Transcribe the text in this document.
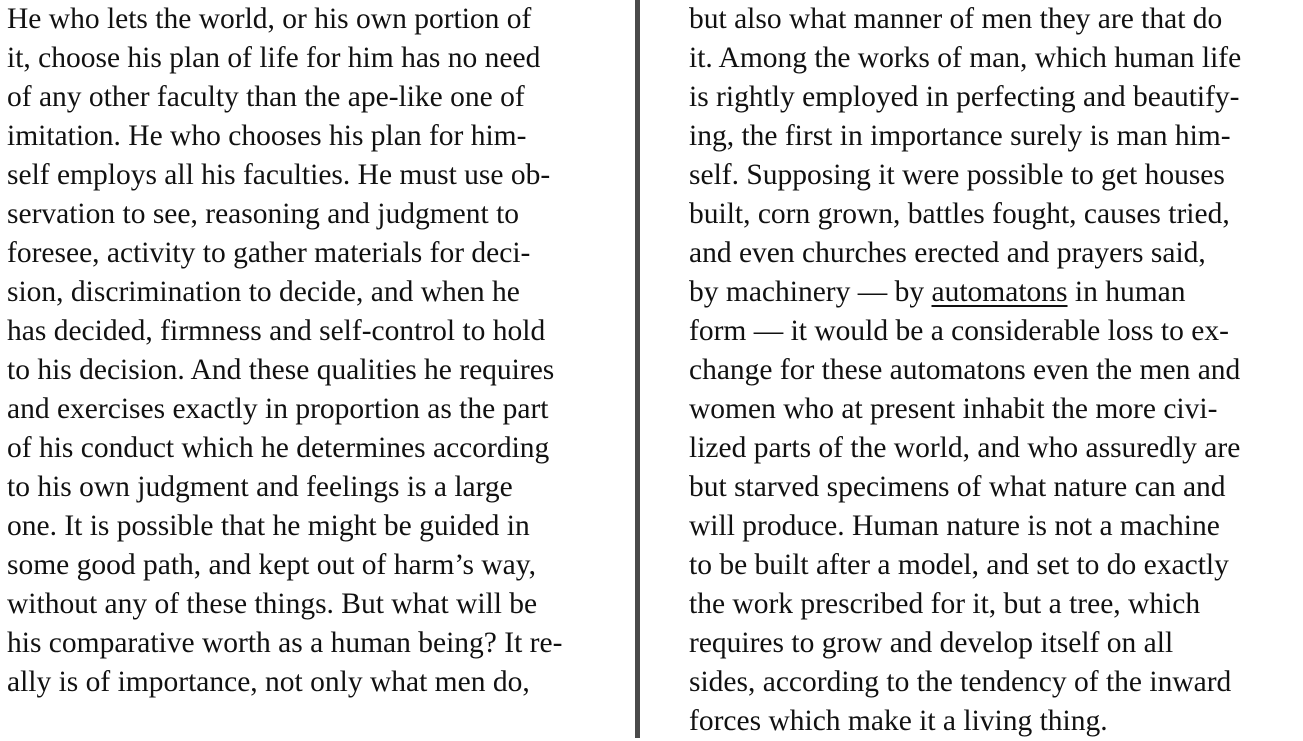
He who lets the world, or his own portion of
it, choose his plan of life for him has no need
of any other faculty than the ape-like one of
imitation. He who chooses his plan for him-
self employs all his faculties. He must use ob-
servation to see, reasoning and judgment to
foresee, activity to gather materials for deci-
sion, discrimination to decide, and when he
has decided, firmness and self-control to hold
to his decision. And these qualities he requires
and exercises exactly in proportion as the part
of his conduct which he determines according
to his own judgment and feelings is a large
one. It is possible that he might be guided in
some good path, and kept out of harm’s way,
without any of these things. But what will be
his comparative worth as a human being? It re-
ally is of importance, not only what men do,
but also what manner of men they are that do
it. Among the works of man, which human life
is rightly employed in perfecting and beautify-
ing, the first in importance surely is man him-
self. Supposing it were possible to get houses
built, corn grown, battles fought, causes tried,
and even churches erected and prayers said,
by machinery — by automatons in human
form — it would be a considerable loss to ex-
change for these automatons even the men and
women who at present inhabit the more civi-
lized parts of the world, and who assuredly are
but starved specimens of what nature can and
will produce. Human nature is not a machine
to be built after a model, and set to do exactly
the work prescribed for it, but a tree, which
requires to grow and develop itself on all
sides, according to the tendency of the inward
forces which make it a living thing.
